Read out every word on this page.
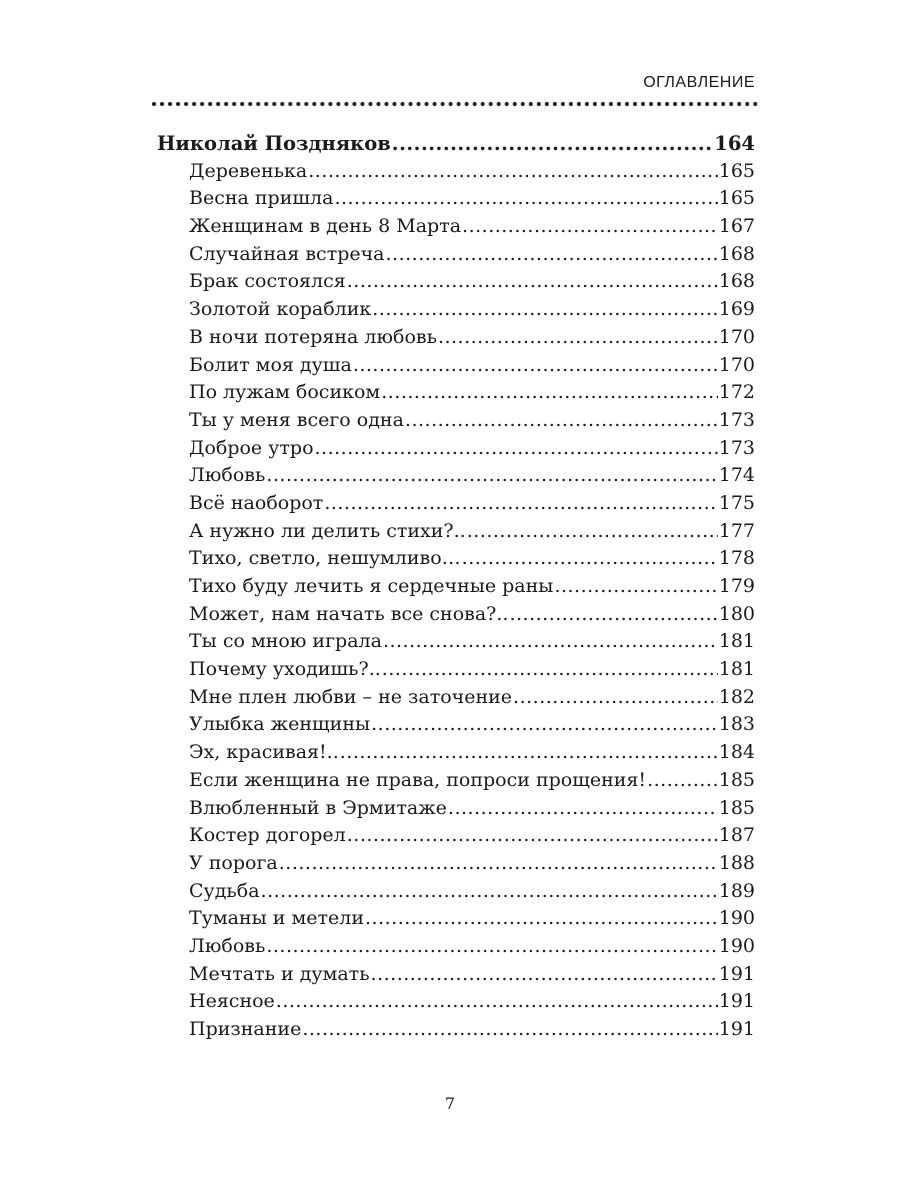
ОГЛАВЛЕНИЕ
Николай Поздняков .....	164
Деревенька .....	165
Весна пришла .....	165
Женщинам в день 8 Марта .....	167
Случайная встреча .....	168
Брак состоялся .....	168
Золотой кораблик .....	169
В ночи потеряна любовь .....	170
Болит моя душа .....	170
По лужам босиком .....	172
Ты у меня всего одна .....	173
Доброе утро .....	173
Любовь .....	174
Всё наоборот .....	175
А нужно ли делить стихи?.. .....	177
Тихо, светло, нешумливо… .....	178
Тихо буду лечить я сердечные раны .....	179
Может, нам начать все снова?.. .....	180
Ты со мною играла .....	181
Почему уходишь?.. .....	181
Мне плен любви – не заточение .....	182
Улыбка женщины .....	183
Эх, красивая!.. .....	184
Если женщина не права, попроси прощения! .....	185
Влюбленный в Эрмитаже .....	185
Костер догорел .....	187
У порога .....	188
Судьба .....	189
Туманы и метели .....	190
Любовь .....	190
Мечтать и думать .....	191
Неясное .....	191
Признание .....	191
7
